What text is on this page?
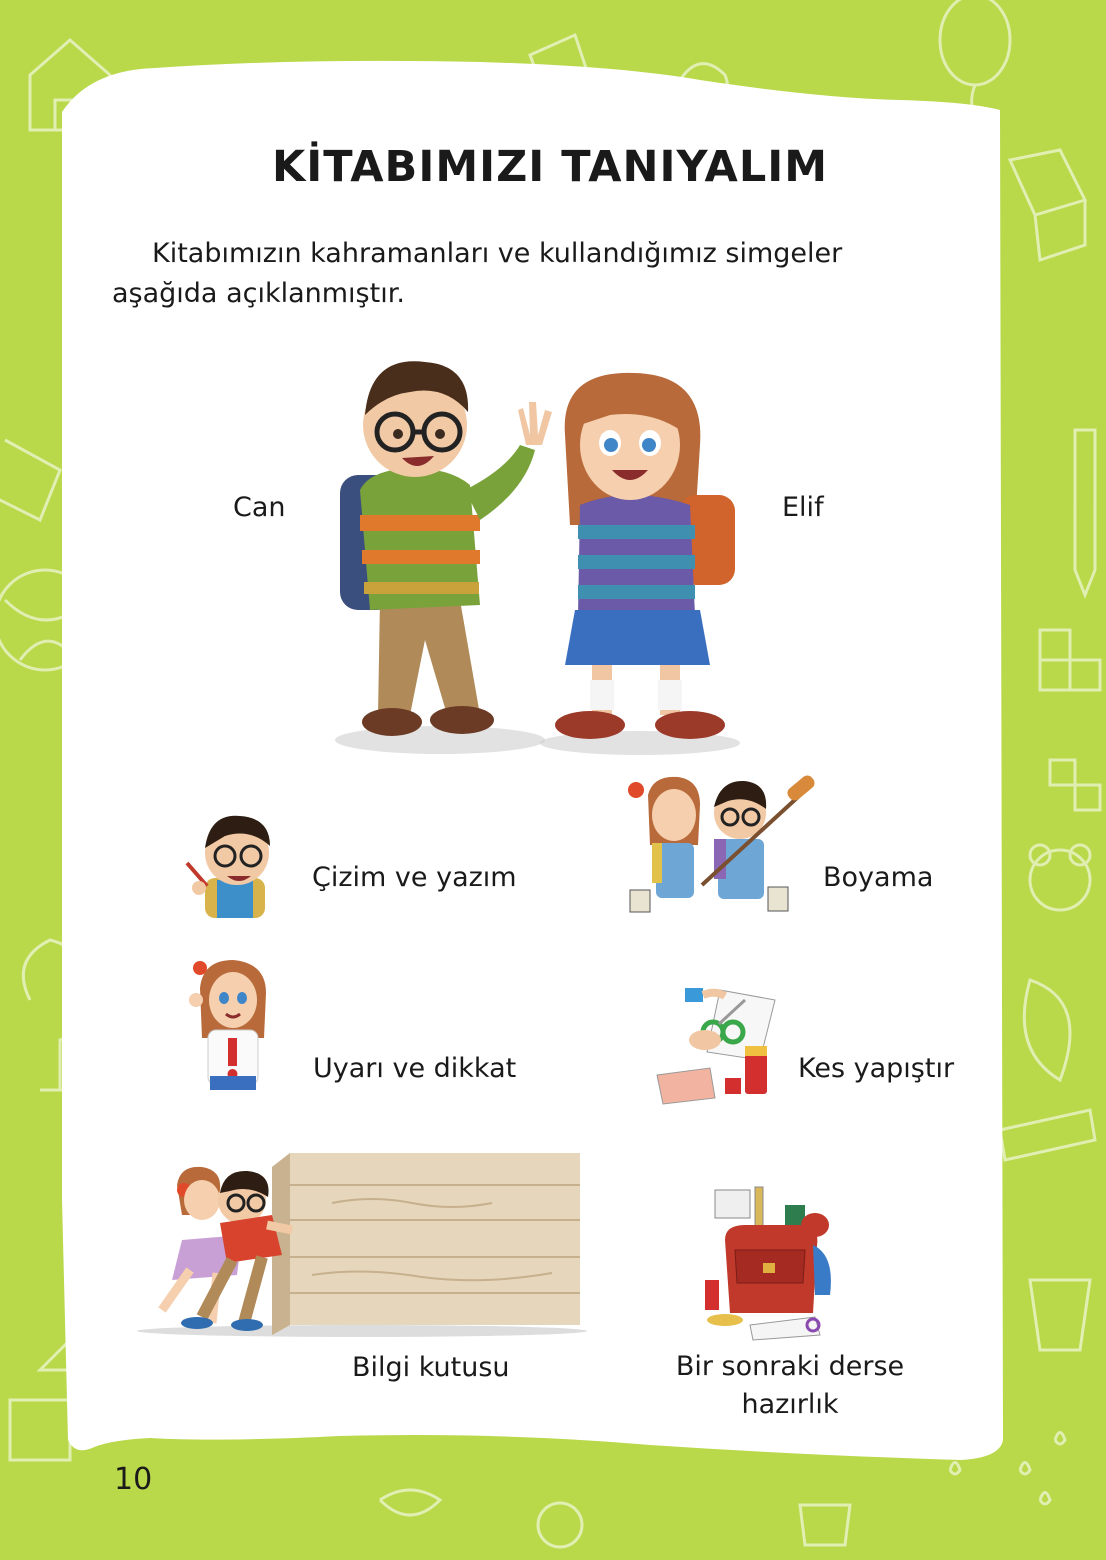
KİTABIMIZI TANIYALIM

Kitabımızın kahramanları ve kullandığımız simgeler aşağıda açıklanmıştır.

Can	Elif
Çizim ve yazım	Boyama
Uyarı ve dikkat	Kes yapıştır
Bilgi kutusu	Bir sonraki derse hazırlık
10
